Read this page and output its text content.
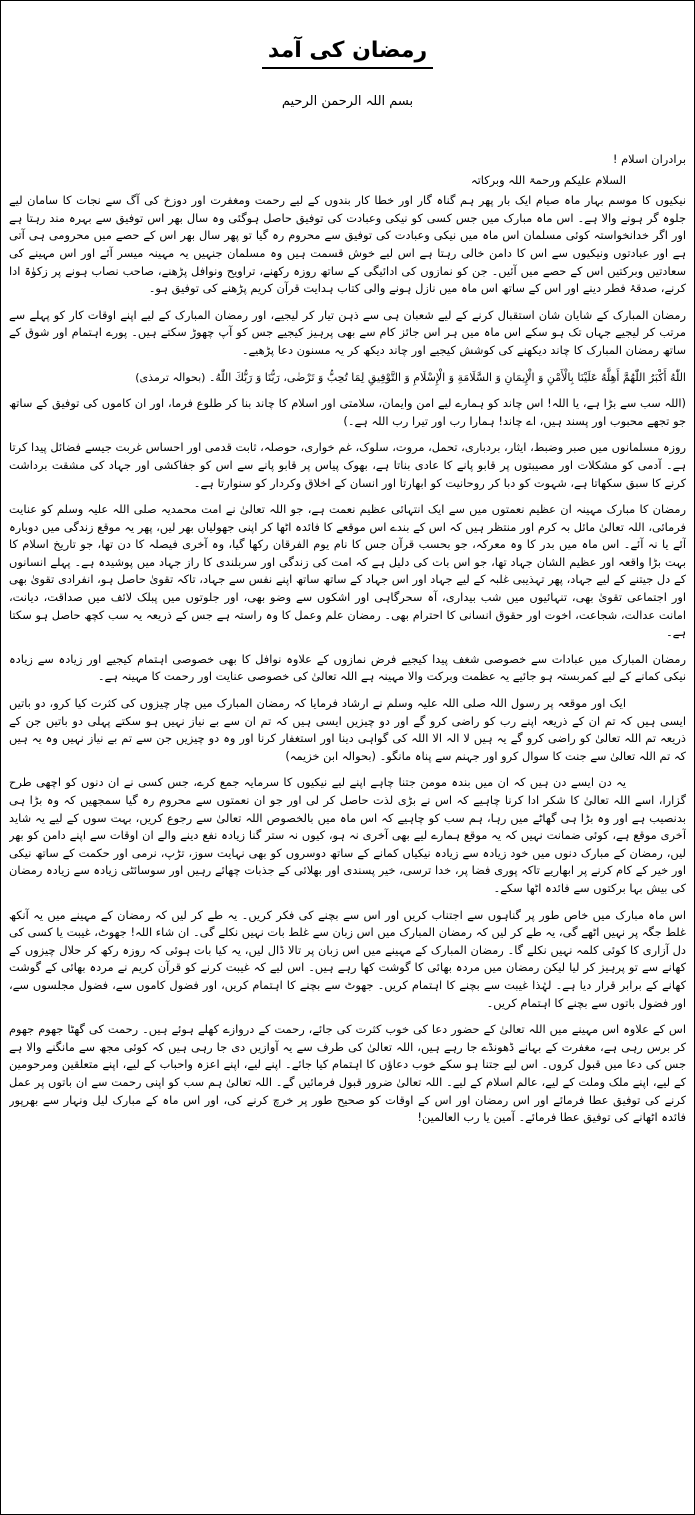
رمضان کی آمد
بسم اللہ الرحمن الرحیم

برادران اسلام !

السلام علیکم ورحمۃ اللہ وبرکاتہ

نیکیوں کا موسم بہار ماہ صیام ایک بار پھر ہم گناہ گار اور خطا کار بندوں کے لیے رحمت ومغفرت اور دوزخ کی آگ سے نجات کا سامان لیے جلوہ گر ہونے والا ہے۔ اس ماہ مبارک میں جس کسی کو نیکی وعبادت کی توفیق حاصل ہوگئی وہ سال بھر اس توفیق سے بہرہ مند رہتا ہے اور اگر خدانخواستہ کوئی مسلمان اس ماہ میں نیکی وعبادت کی توفیق سے محروم رہ گیا تو پھر سال بھر اس کے حصے میں محرومی ہی آتی ہے اور عبادتوں ونیکیوں سے اس کا دامن خالی رہتا ہے اس لیے خوش قسمت ہیں وہ مسلمان جنہیں یہ مہینہ میسر آئے اور اس مہینے کی سعادتیں وبرکتیں اس کے حصے میں آئیں۔ جن کو نمازوں کی ادائیگی کے ساتھ روزہ رکھنے، تراویح ونوافل پڑھنے، صاحب نصاب ہونے پر زکوٰۃ ادا کرنے، صدقۂ فطر دینے اور اس کے ساتھ اس ماہ میں نازل ہونے والی کتاب ہدایت قرآن کریم پڑھنے کی توفیق ہو۔

رمضان المبارک کے شایان شان استقبال کرنے کے لیے شعبان ہی سے ذہن تیار کر لیجیے، اور رمضان المبارک کے لیے اپنے اوقات کار کو پہلے سے مرتب کر لیجیے جہاں تک ہو سکے اس ماہ میں ہر اس جائز کام سے بھی پرہیز کیجیے جس کو آپ چھوڑ سکتے ہیں۔ پورے اہتمام اور شوق کے ساتھ رمضان المبارک کا چاند دیکھنے کی کوشش کیجیے اور چاند دیکھ کر یہ مسنون دعا پڑھیے۔

اللّٰهُ أَكْبَرُ اللّٰهُمَّ أَهِلَّهُ عَلَيْنَا بِالْأَمْنِ وَ الْإِيمَانِ وَ السَّلَامَةِ وَ الْإِسْلَامِ وَ التَّوْفِيقِ لِمَا تُحِبُّ وَ تَرْضٰى، رَبُّنَا وَ رَبُّكَ اللّٰهُ۔ (بحوالہ ترمذی)

(اللہ سب سے بڑا ہے، یا اللہ! اس چاند کو ہمارے لیے امن وایمان، سلامتی اور اسلام کا چاند بنا کر طلوع فرما، اور ان کاموں کی توفیق کے ساتھ جو تجھے محبوب اور پسند ہیں، اے چاند! ہمارا رب اور تیرا رب اللہ ہے۔)

روزہ مسلمانوں میں صبر وضبط، ایثار، بردباری، تحمل، مروت، سلوک، غم خواری، حوصلہ، ثابت قدمی اور احساس غربت جیسے فضائل پیدا کرتا ہے۔ آدمی کو مشکلات اور مصیبتوں پر قابو پانے کا عادی بناتا ہے، بھوک پیاس پر قابو پانے سے اس کو جفاکشی اور جہاد کی مشقت برداشت کرنے کا سبق سکھاتا ہے، شہوت کو دبا کر روحانیت کو ابھارتا اور انسان کے اخلاق وکردار کو سنوارتا ہے۔

رمضان کا مبارک مہینہ ان عظیم نعمتوں میں سے ایک انتہائی عظیم نعمت ہے، جو اللہ تعالیٰ نے امت محمدیہ صلی اللہ علیہ وسلم کو عنایت فرمائی، اللہ تعالیٰ مائل بہ کرم اور منتظر ہیں کہ اس کے بندے اس موقعے کا فائدہ اٹھا کر اپنی جھولیاں بھر لیں، پھر یہ موقع زندگی میں دوبارہ آئے یا نہ آئے۔ اس ماہ میں بدر کا وہ معرکہ، جو بحسب قرآن جس کا نام یوم الفرقان رکھا گیا، وہ آخری فیصلہ کا دن تھا، جو تاریخ اسلام کا بہت بڑا واقعہ اور عظیم الشان جہاد تھا، جو اس بات کی دلیل ہے کہ امت کی زندگی اور سربلندی کا راز جہاد میں پوشیدہ ہے۔ پہلے انسانوں کے دل جیتنے کے لیے جہاد، پھر تہذیبی غلبہ کے لیے جہاد اور اس جہاد کے ساتھ ساتھ اپنے نفس سے جہاد، تاکہ تقویٰ حاصل ہو، انفرادی تقویٰ بھی اور اجتماعی تقویٰ بھی، تنہائیوں میں شب بیداری، آہ سحرگاہی اور اشکوں سے وضو بھی، اور جلوتوں میں پبلک لائف میں صداقت، دیانت، امانت عدالت، شجاعت، اخوت اور حقوق انسانی کا احترام بھی۔ رمضان علم وعمل کا وہ راستہ ہے جس کے ذریعہ یہ سب کچھ حاصل ہو سکتا ہے۔

رمضان المبارک میں عبادات سے خصوصی شغف پیدا کیجیے فرض نمازوں کے علاوہ نوافل کا بھی خصوصی اہتمام کیجیے اور زیادہ سے زیادہ نیکی کمانے کے لیے کمربستہ ہو جائیے یہ عظمت وبرکت والا مہینہ ہے اللہ تعالیٰ کی خصوصی عنایت اور رحمت کا مہینہ ہے۔

ایک اور موقعہ پر رسول اللہ صلی اللہ علیہ وسلم نے ارشاد فرمایا کہ رمضان المبارک میں چار چیزوں کی کثرت کیا کرو، دو باتیں ایسی ہیں کہ تم ان کے ذریعہ اپنے رب کو راضی کرو گے اور دو چیزیں ایسی ہیں کہ تم ان سے بے نیاز نہیں ہو سکتے پہلی دو باتیں جن کے ذریعہ تم اللہ تعالیٰ کو راضی کرو گے یہ ہیں لا الہ الا اللہ کی گواہی دینا اور استغفار کرنا اور وہ دو چیزیں جن سے تم بے نیاز نہیں وہ یہ ہیں کہ تم اللہ تعالیٰ سے جنت کا سوال کرو اور جہنم سے پناہ مانگو۔ (بحوالہ ابن خزیمہ)

یہ دن ایسے دن ہیں کہ ان میں بندہ مومن جتنا چاہے اپنے لیے نیکیوں کا سرمایہ جمع کرے، جس کسی نے ان دنوں کو اچھی طرح گزارا، اسے اللہ تعالیٰ کا شکر ادا کرنا چاہیے کہ اس نے بڑی لذت حاصل کر لی اور جو ان نعمتوں سے محروم رہ گیا سمجھیں کہ وہ بڑا ہی بدنصیب ہے اور وہ بڑا ہی گھاٹے میں رہا، ہم سب کو چاہیے کہ اس ماہ میں بالخصوص اللہ تعالیٰ سے رجوع کریں، بہت سوں کے لیے یہ شاید آخری موقع ہے، کوئی ضمانت نہیں کہ یہ موقع ہمارے لیے بھی آخری نہ ہو، کیوں نہ ستر گنا زیادہ نفع دینے والے ان اوقات سے اپنے دامن کو بھر لیں، رمضان کے مبارک دنوں میں خود زیادہ سے زیادہ نیکیاں کمانے کے ساتھ دوسروں کو بھی نہایت سوز، تڑپ، نرمی اور حکمت کے ساتھ نیکی اور خیر کے کام کرنے پر ابھاریے تاکہ پوری فضا پر، خدا ترسی، خیر پسندی اور بھلائی کے جذبات چھائے رہیں اور سوسائٹی زیادہ سے زیادہ رمضان کی بیش بہا برکتوں سے فائدہ اٹھا سکے۔

اس ماہ مبارک میں خاص طور پر گناہوں سے اجتناب کریں اور اس سے بچنے کی فکر کریں۔ یہ طے کر لیں کہ رمضان کے مہینے میں یہ آنکھ غلط جگہ پر نہیں اٹھے گی، یہ طے کر لیں کہ رمضان المبارک میں اس زبان سے غلط بات نہیں نکلے گی۔ ان شاء اللہ! جھوٹ، غیبت یا کسی کی دل آزاری کا کوئی کلمہ نہیں نکلے گا۔ رمضان المبارک کے مہینے میں اس زبان پر تالا ڈال لیں، یہ کیا بات ہوئی کہ روزہ رکھ کر حلال چیزوں کے کھانے سے تو پرہیز کر لیا لیکن رمضان میں مردہ بھائی کا گوشت کھا رہے ہیں۔ اس لیے کہ غیبت کرنے کو قرآن کریم نے مردہ بھائی کے گوشت کھانے کے برابر قرار دیا ہے۔ لہٰذا غیبت سے بچنے کا اہتمام کریں۔ جھوٹ سے بچنے کا اہتمام کریں، اور فضول کاموں سے، فضول مجلسوں سے، اور فضول باتوں سے بچنے کا اہتمام کریں۔

اس کے علاوہ اس مہینے میں اللہ تعالیٰ کے حضور دعا کی خوب کثرت کی جائے، رحمت کے دروازے کھلے ہوئے ہیں۔ رحمت کی گھٹا جھوم جھوم کر برس رہی ہے، مغفرت کے بہانے ڈھونڈے جا رہے ہیں، اللہ تعالیٰ کی طرف سے یہ آوازیں دی جا رہی ہیں کہ کوئی مجھ سے مانگنے والا ہے جس کی دعا میں قبول کروں۔ اس لیے جتنا ہو سکے خوب دعاؤں کا اہتمام کیا جائے۔ اپنے لیے، اپنے اعزہ واحباب کے لیے، اپنے متعلقین ومرحومین کے لیے، اپنے ملک وملت کے لیے، عالم اسلام کے لیے۔ اللہ تعالیٰ ضرور قبول فرمائیں گے۔ اللہ تعالیٰ ہم سب کو اپنی رحمت سے ان باتوں پر عمل کرنے کی توفیق عطا فرمائے اور اس رمضان اور اس کے اوقات کو صحیح طور پر خرچ کرنے کی، اور اس ماہ کے مبارک لیل ونہار سے بھرپور فائدہ اٹھانے کی توفیق عطا فرمائے۔ آمین یا رب العالمین!
